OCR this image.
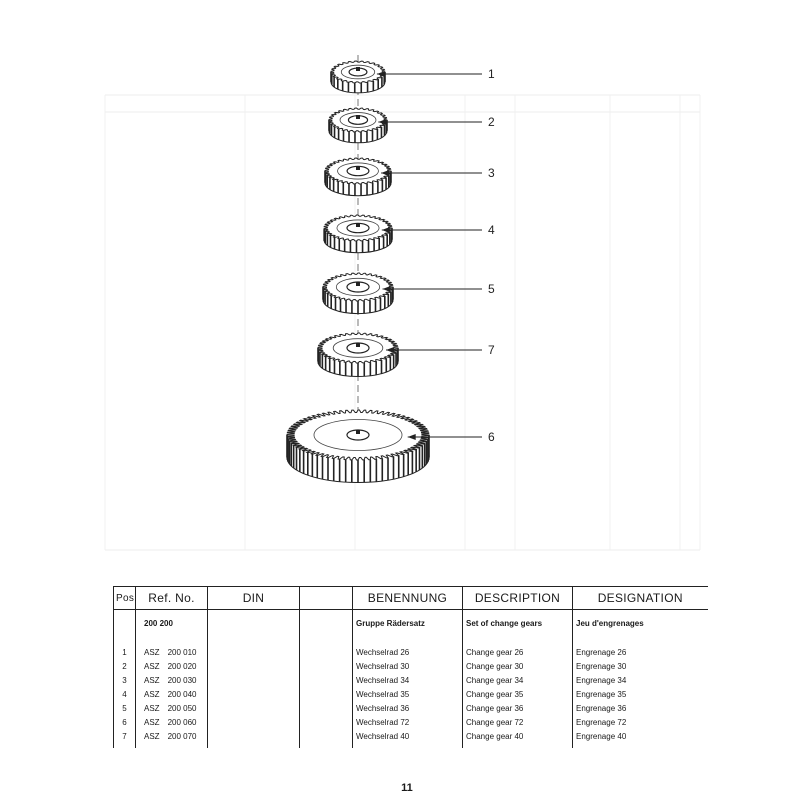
1
2
3
4
5
7
6
Pos.	Ref. No.	DIN		BENENNUNG	DESCRIPTION	DESIGNATION
	200 200			Gruppe Rädersatz	Set of change gears	Jeu d'engrenages

1	ASZ 200 010			Wechselrad 26	Change gear 26	Engrenage 26
2	ASZ 200 020			Wechselrad 30	Change gear 30	Engrenage 30
3	ASZ 200 030			Wechselrad 34	Change gear 34	Engrenage 34
4	ASZ 200 040			Wechselrad 35	Change gear 35	Engrenage 35
5	ASZ 200 050			Wechselrad 36	Change gear 36	Engrenage 36
6	ASZ 200 060			Wechselrad 72	Change gear 72	Engrenage 72
7	ASZ 200 070			Wechselrad 40	Change gear 40	Engrenage 40

11
